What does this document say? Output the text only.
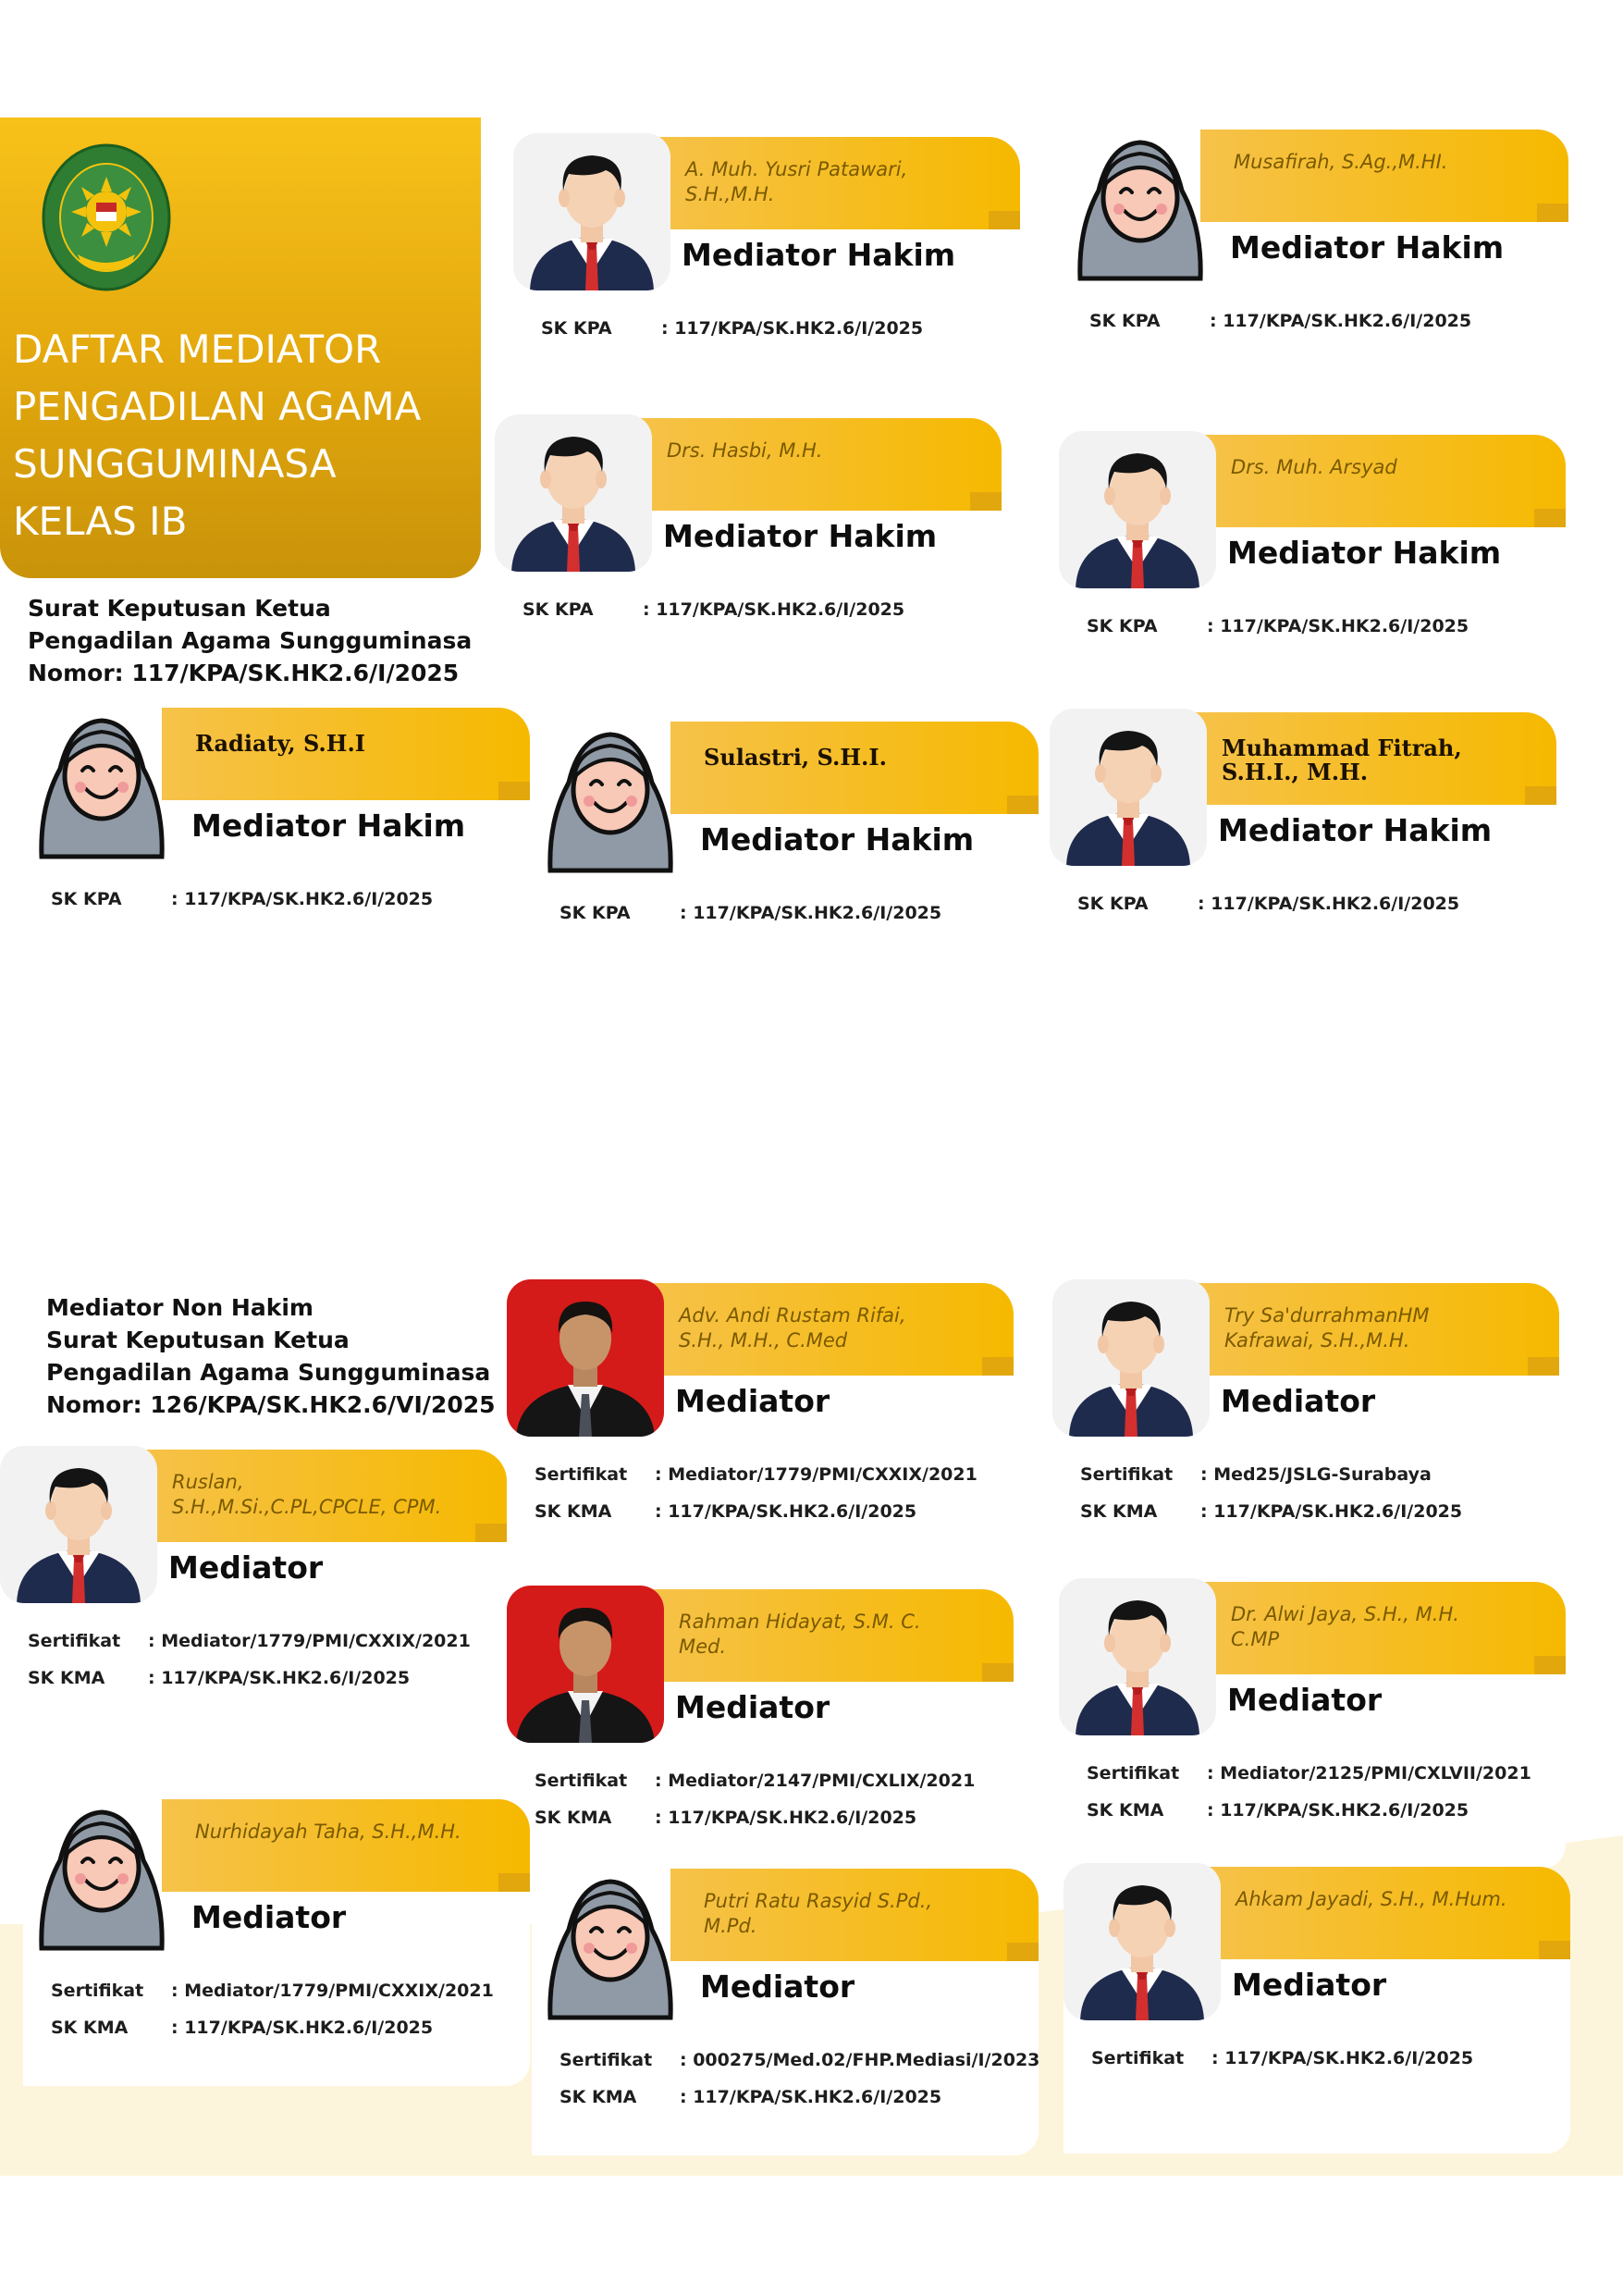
DAFTAR MEDIATOR
PENGADILAN AGAMA
SUNGGUMINASA
KELAS IB
Surat Keputusan Ketua
Pengadilan Agama Sungguminasa
Nomor: 117/KPA/SK.HK2.6/I/2025
Mediator Non Hakim
Surat Keputusan Ketua
Pengadilan Agama Sungguminasa
Nomor: 126/KPA/SK.HK2.6/VI/2025
A. Muh. Yusri Patawari, S.H.,M.H.
Mediator Hakim
SK KPA	: 117/KPA/SK.HK2.6/I/2025
Musafirah, S.Ag.,M.HI.
Mediator Hakim
SK KPA	: 117/KPA/SK.HK2.6/I/2025
Drs. Hasbi, M.H.
Mediator Hakim
SK KPA	: 117/KPA/SK.HK2.6/I/2025
Drs. Muh. Arsyad
Mediator Hakim
SK KPA	: 117/KPA/SK.HK2.6/I/2025
Radiaty, S.H.I
Mediator Hakim
SK KPA	: 117/KPA/SK.HK2.6/I/2025
Sulastri, S.H.I.
Mediator Hakim
SK KPA	: 117/KPA/SK.HK2.6/I/2025
Muhammad Fitrah, S.H.I., M.H.
Mediator Hakim
SK KPA	: 117/KPA/SK.HK2.6/I/2025
Adv. Andi Rustam Rifai, S.H., M.H., C.Med
Mediator
Sertifikat : Mediator/1779/PMI/CXXIX/2021
SK KMA : 117/KPA/SK.HK2.6/I/2025
Try Sa'durrahmanHM Kafrawai, S.H.,M.H.
Mediator
Sertifikat : Med25/JSLG-Surabaya
SK KMA : 117/KPA/SK.HK2.6/I/2025
Ruslan, S.H.,M.Si.,C.PL,CPCLE, CPM.
Mediator
Sertifikat : Mediator/1779/PMI/CXXIX/2021
SK KMA : 117/KPA/SK.HK2.6/I/2025
Rahman Hidayat, S.M. C. Med.
Mediator
Sertifikat : Mediator/2147/PMI/CXLIX/2021
SK KMA : 117/KPA/SK.HK2.6/I/2025
Dr. Alwi Jaya, S.H., M.H. C.MP
Mediator
Sertifikat : Mediator/2125/PMI/CXLVII/2021
SK KMA : 117/KPA/SK.HK2.6/I/2025
Nurhidayah Taha, S.H.,M.H.
Mediator
Sertifikat : Mediator/1779/PMI/CXXIX/2021
SK KMA : 117/KPA/SK.HK2.6/I/2025
Putri Ratu Rasyid S.Pd., M.Pd.
Mediator
Sertifikat : 000275/Med.02/FHP.Mediasi/I/2023
SK KMA : 117/KPA/SK.HK2.6/I/2025
Ahkam Jayadi, S.H., M.Hum.
Mediator
Sertifikat : 117/KPA/SK.HK2.6/I/2025
